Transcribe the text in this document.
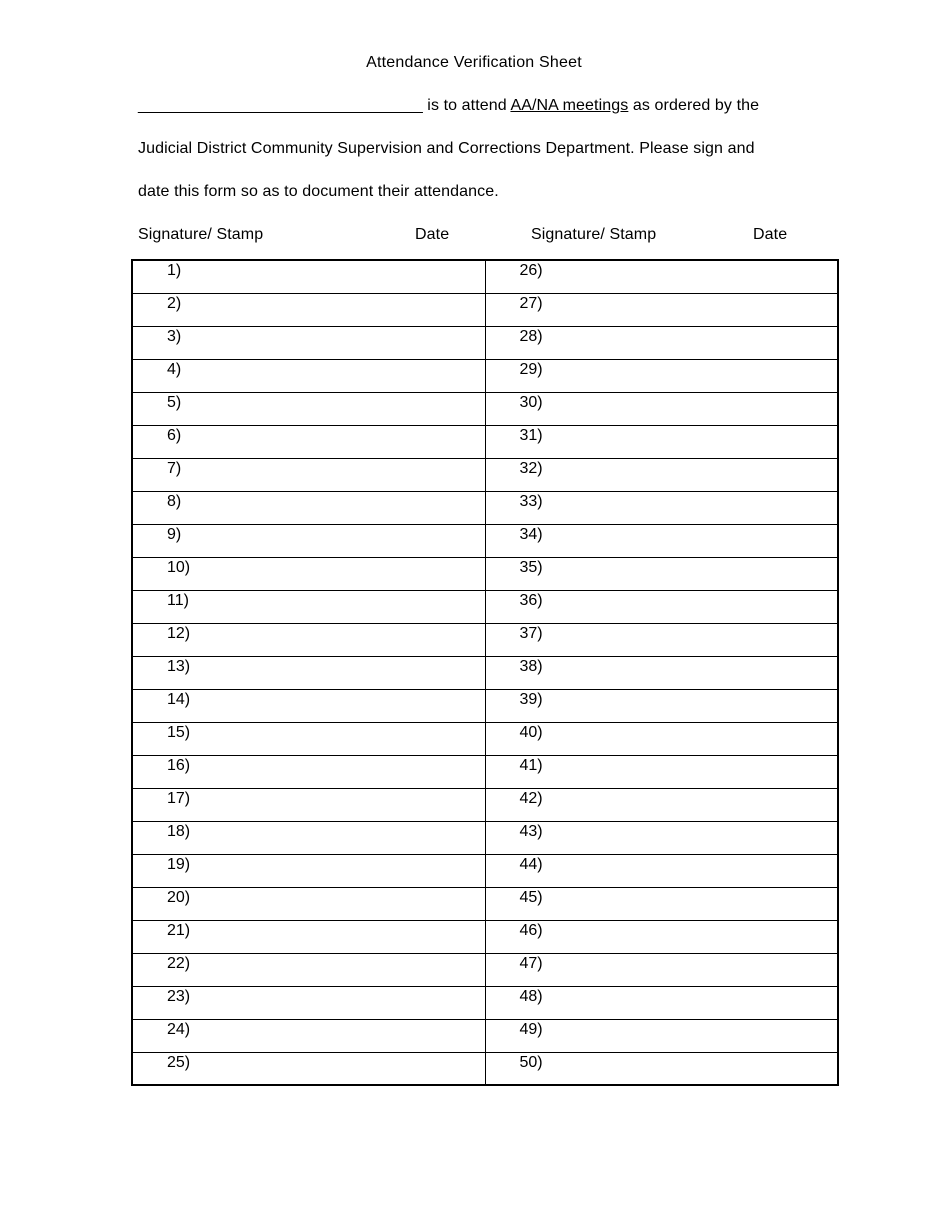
Attendance Verification Sheet

________________________________ is to attend AA/NA meetings as ordered by the

Judicial District Community Supervision and Corrections Department. Please sign and

date this form so as to document their attendance.

Signature/ Stamp	Date	Signature/ Stamp	Date
1)	26)
2)	27)
3)	28)
4)	29)
5)	30)
6)	31)
7)	32)
8)	33)
9)	34)
10)	35)
11)	36)
12)	37)
13)	38)
14)	39)
15)	40)
16)	41)
17)	42)
18)	43)
19)	44)
20)	45)
21)	46)
22)	47)
23)	48)
24)	49)
25)	50)
